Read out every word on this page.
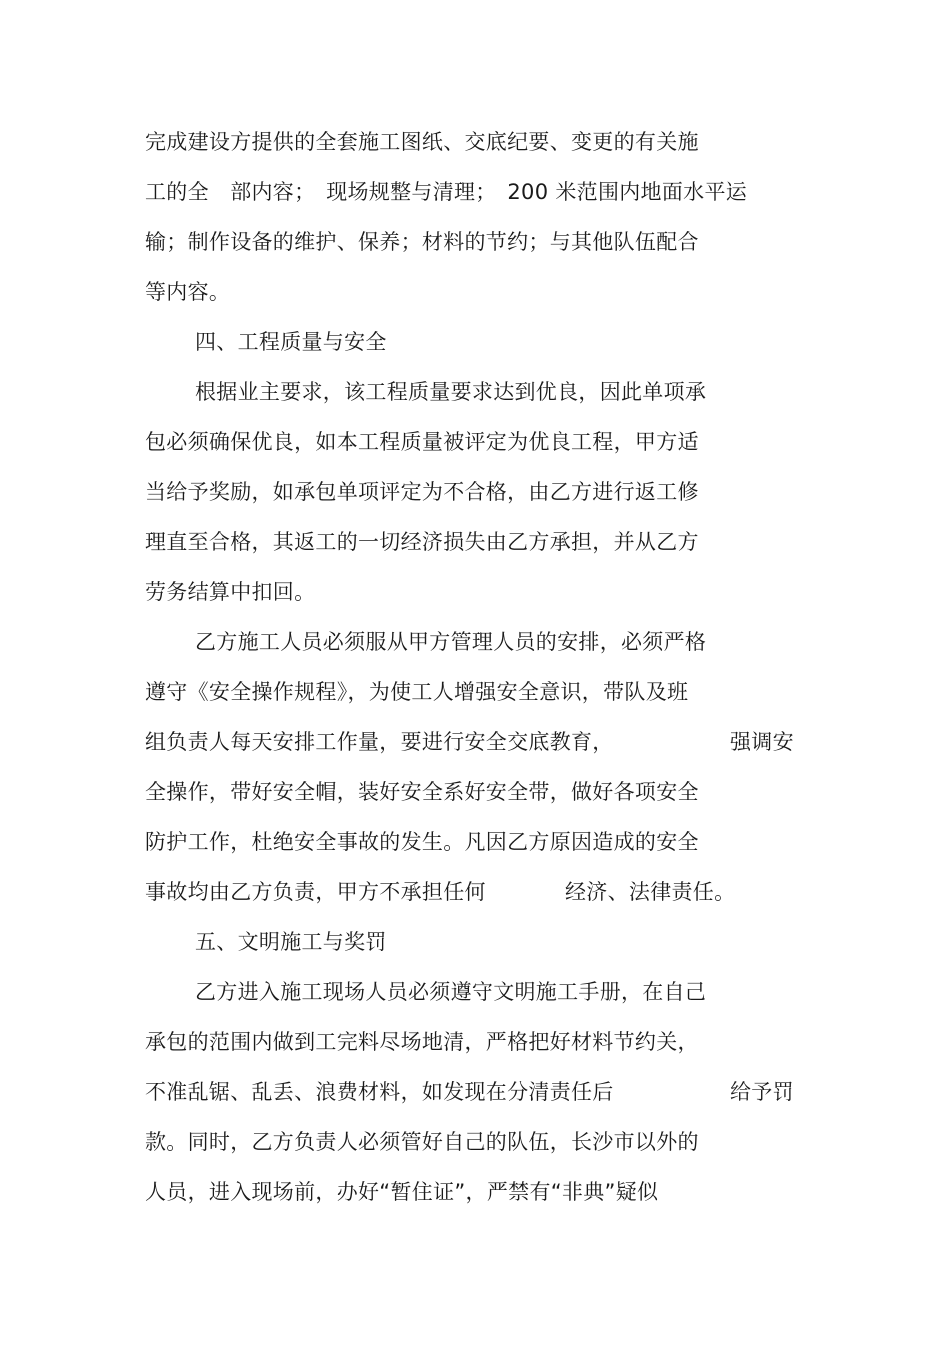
完成建设方提供的全套施工图纸、交底纪要、变更的有关施
工的全　部内容；　现场规整与清理；　200 米范围内地面水平运
输；制作设备的维护、保养；材料的节约；与其他队伍配合
等内容。
四、工程质量与安全
根据业主要求，该工程质量要求达到优良，因此单项承
包必须确保优良，如本工程质量被评定为优良工程，甲方适
当给予奖励，如承包单项评定为不合格，由乙方进行返工修
理直至合格，其返工的一切经济损失由乙方承担，并从乙方
劳务结算中扣回。
乙方施工人员必须服从甲方管理人员的安排，必须严格
遵守《安全操作规程》，为使工人增强安全意识，带队及班
组负责人每天安排工作量，要进行安全交底教育，	强调安
全操作，带好安全帽，装好安全系好安全带，做好各项安全
防护工作，杜绝安全事故的发生。凡因乙方原因造成的安全
事故均由乙方负责，甲方不承担任何	经济、法律责任。
五、文明施工与奖罚
乙方进入施工现场人员必须遵守文明施工手册，在自己
承包的范围内做到工完料尽场地清，严格把好材料节约关，
不准乱锯、乱丢、浪费材料，如发现在分清责任后	给予罚
款。同时，乙方负责人必须管好自己的队伍，长沙市以外的
人员，进入现场前，办好“暂住证”，严禁有“非典”疑似
